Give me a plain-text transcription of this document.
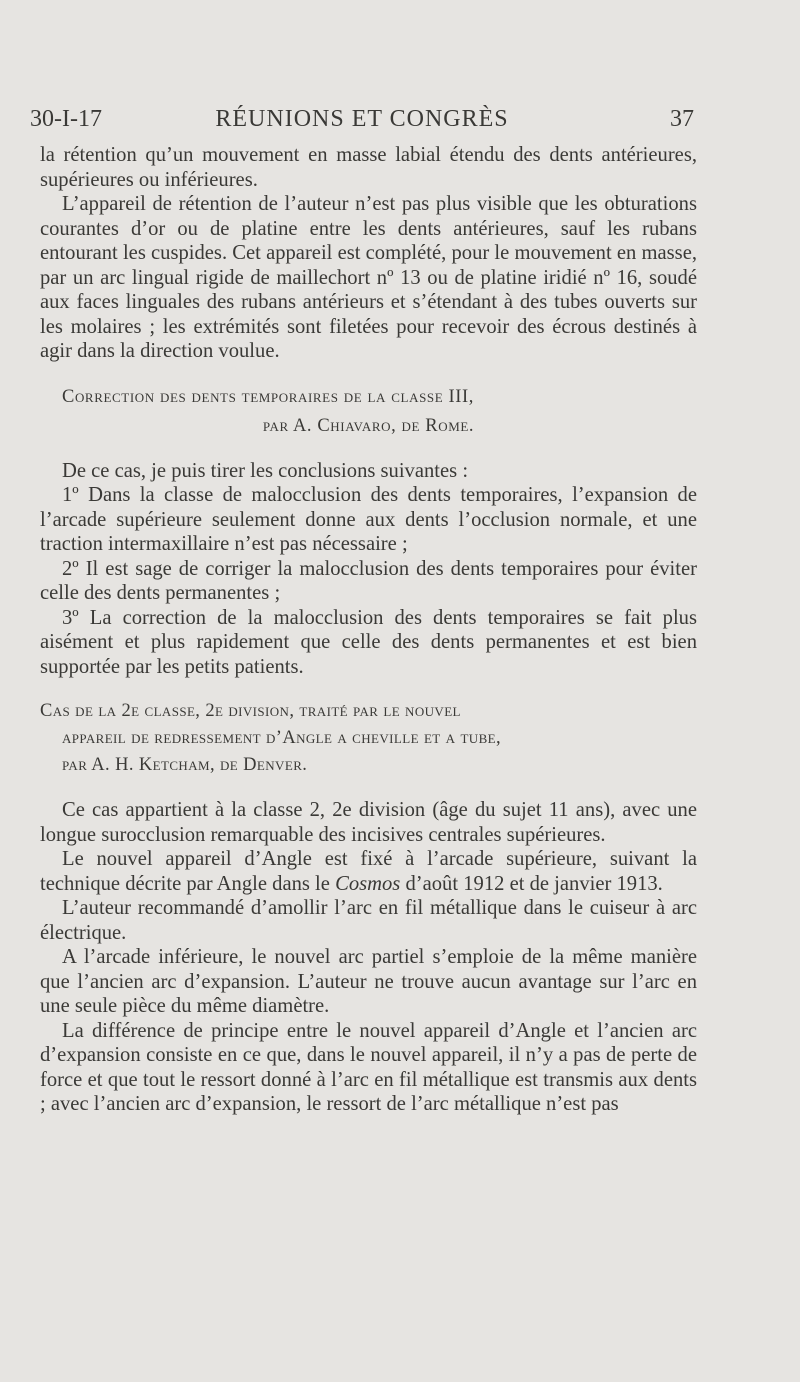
30-I-17	RÉUNIONS ET CONGRÈS	37

la rétention qu’un mouvement en masse labial étendu des dents antérieures, supérieures ou inférieures.

L’appareil de rétention de l’auteur n’est pas plus visible que les obturations courantes d’or ou de platine entre les dents antérieures, sauf les rubans entourant les cuspides. Cet appareil est complété, pour le mouvement en masse, par un arc lingual rigide de maillechort nº 13 ou de platine iridié nº 16, soudé aux faces linguales des rubans antérieurs et s’étendant à des tubes ouverts sur les molaires ; les extrémités sont filetées pour recevoir des écrous destinés à agir dans la direction voulue.

Correction des dents temporaires de la classe III,
par A. Chiavaro, de Rome.

De ce cas, je puis tirer les conclusions suivantes :

1º Dans la classe de malocclusion des dents temporaires, l’expansion de l’arcade supérieure seulement donne aux dents l’occlusion normale, et une traction intermaxillaire n’est pas nécessaire ;

2º Il est sage de corriger la malocclusion des dents temporaires pour éviter celle des dents permanentes ;

3º La correction de la malocclusion des dents temporaires se fait plus aisément et plus rapidement que celle des dents permanentes et est bien supportée par les petits patients.

Cas de la 2e classe, 2e division, traité par le nouvel
appareil de redressement d’Angle a cheville et a tube,
par A. H. Ketcham, de Denver.

Ce cas appartient à la classe 2, 2e division (âge du sujet 11 ans), avec une longue surocclusion remarquable des incisives centrales supérieures.

Le nouvel appareil d’Angle est fixé à l’arcade supérieure, suivant la technique décrite par Angle dans le Cosmos d’août 1912 et de janvier 1913.

L’auteur recommandé d’amollir l’arc en fil métallique dans le cuiseur à arc électrique.

A l’arcade inférieure, le nouvel arc partiel s’emploie de la même manière que l’ancien arc d’expansion. L’auteur ne trouve aucun avantage sur l’arc en une seule pièce du même diamètre.

La différence de principe entre le nouvel appareil d’Angle et l’ancien arc d’expansion consiste en ce que, dans le nouvel appareil, il n’y a pas de perte de force et que tout le ressort donné à l’arc en fil métallique est transmis aux dents ; avec l’ancien arc d’expansion, le ressort de l’arc métallique n’est pas
